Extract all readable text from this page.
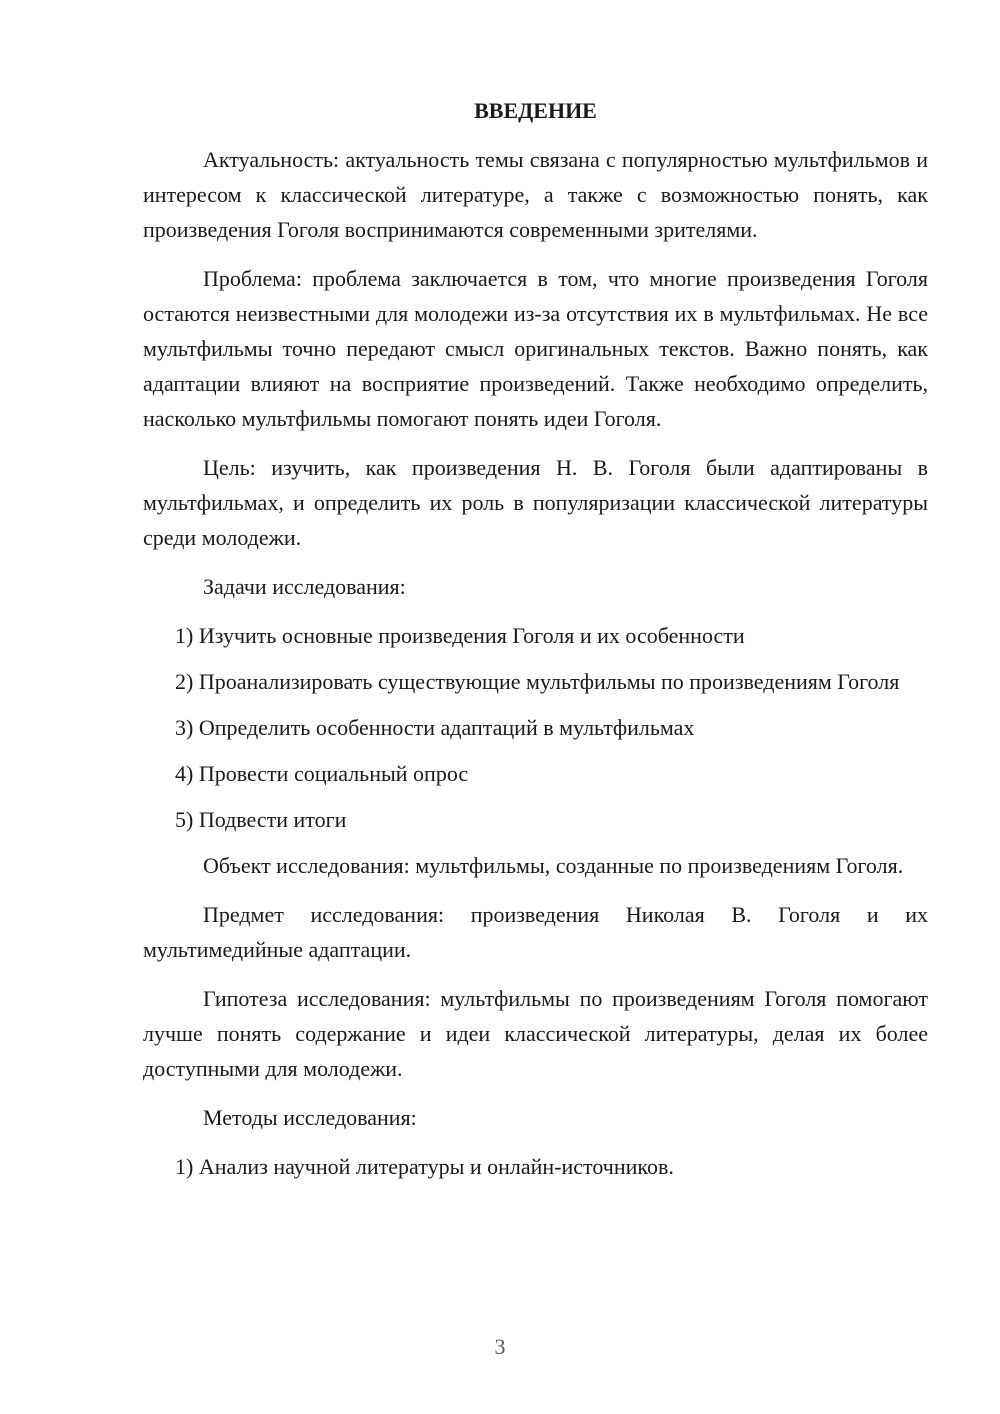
ВВЕДЕНИЕ

Актуальность: актуальность темы связана с популярностью мультфильмов и интересом к классической литературе, а также с возможностью понять, как произведения Гоголя воспринимаются современными зрителями.

Проблема: проблема заключается в том, что многие произведения Гоголя остаются неизвестными для молодежи из-за отсутствия их в мультфильмах. Не все мультфильмы точно передают смысл оригинальных текстов. Важно понять, как адаптации влияют на восприятие произведений. Также необходимо определить, насколько мультфильмы помогают понять идеи Гоголя.

Цель: изучить, как произведения Н. В. Гоголя были адаптированы в мультфильмах, и определить их роль в популяризации классической литературы среди молодежи.

Задачи исследования:

1) Изучить основные произведения Гоголя и их особенности

2) Проанализировать существующие мультфильмы по произведениям Гоголя

3) Определить особенности адаптаций в мультфильмах

4) Провести социальный опрос

5) Подвести итоги

Объект исследования: мультфильмы, созданные по произведениям Гоголя.

Предмет исследования: произведения Николая В. Гоголя и их мультимедийные адаптации.

Гипотеза исследования: мультфильмы по произведениям Гоголя помогают лучше понять содержание и идеи классической литературы, делая их более доступными для молодежи.

Методы исследования:

1) Анализ научной литературы и онлайн-источников.

3
